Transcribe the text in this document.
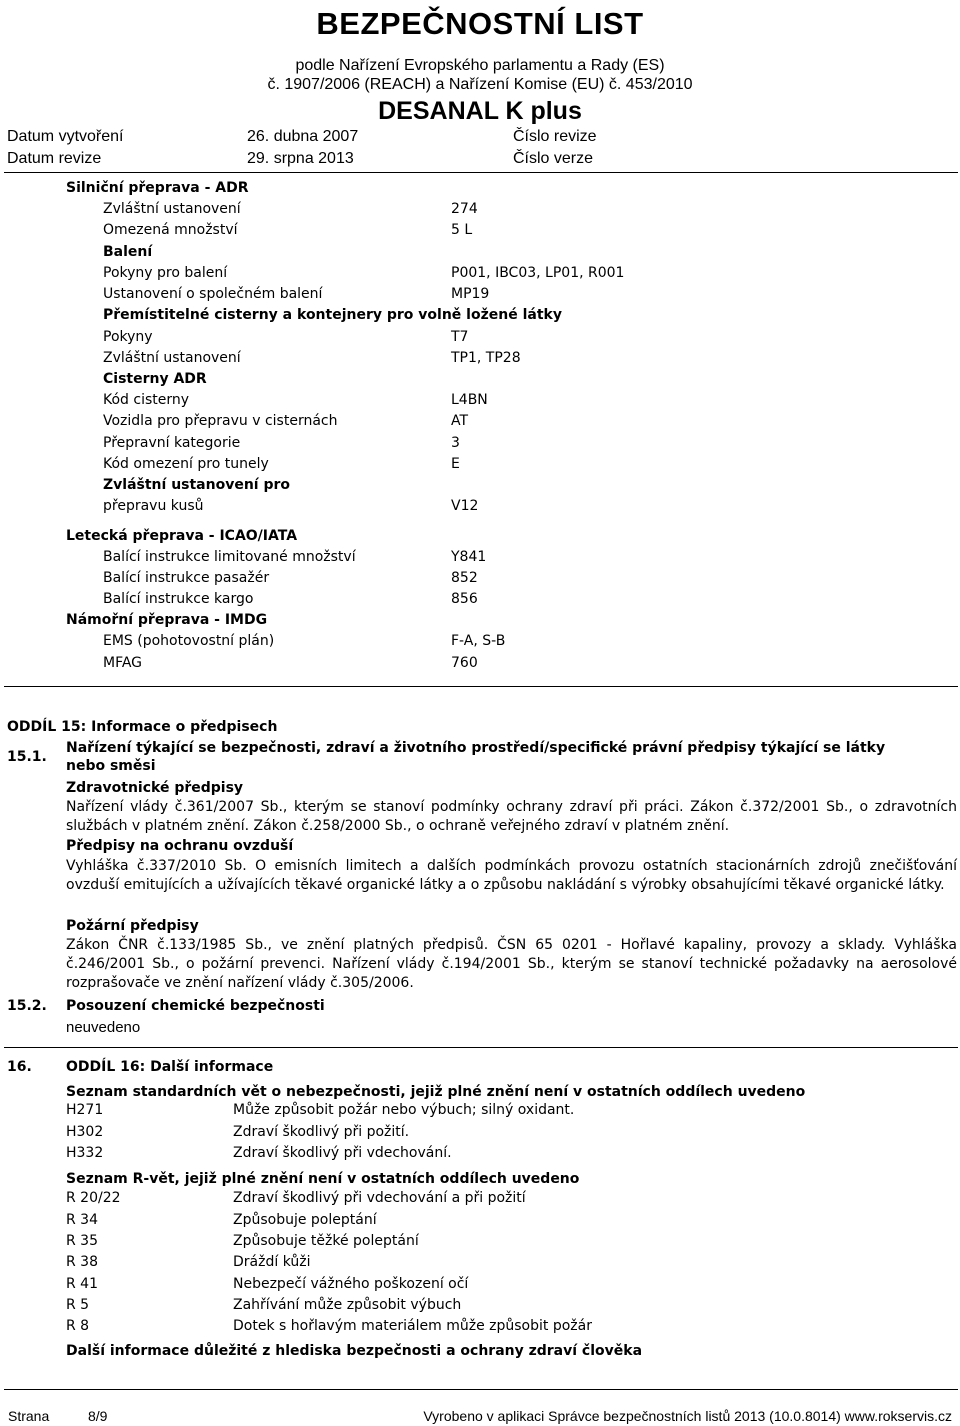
BEZPEČNOSTNÍ LIST
podle Nařízení Evropského parlamentu a Rady (ES)
č. 1907/2006 (REACH) a Nařízení Komise (EU) č. 453/2010
DESANAL K plus
Datum vytvoření	26. dubna 2007	Číslo revize
Datum revize	29. srpna 2013	Číslo verze
Silniční přeprava - ADR
Zvláštní ustanovení	274
Omezená množství	5 L
Balení
Pokyny pro balení	P001, IBC03, LP01, R001
Ustanovení o společném balení	MP19
Přemístitelné cisterny a kontejnery pro volně ložené látky
Pokyny	T7
Zvláštní ustanovení	TP1, TP28
Cisterny ADR
Kód cisterny	L4BN
Vozidla pro přepravu v cisternách	AT
Přepravní kategorie	3
Kód omezení pro tunely	E
Zvláštní ustanovení pro
přepravu kusů	V12
Letecká přeprava - ICAO/IATA
Balící instrukce limitované množství	Y841
Balící instrukce pasažér	852
Balící instrukce kargo	856
Námořní přeprava - IMDG
EMS (pohotovostní plán)	F-A, S-B
MFAG	760
ODDÍL 15: Informace o předpisech
15.1.
Nařízení týkající se bezpečnosti, zdraví a životního prostředí/specifické právní předpisy týkající se látky
nebo směsi
Zdravotnické předpisy
Nařízení vlády č.361/2007 Sb., kterým se stanoví podmínky ochrany zdraví při práci. Zákon č.372/2001 Sb., o zdravotních službách v platném znění. Zákon č.258/2000 Sb., o ochraně veřejného zdraví v platném znění.
Předpisy na ochranu ovzduší
Vyhláška č.337/2010 Sb. O emisních limitech a dalších podmínkách provozu ostatních stacionárních zdrojů znečišťování ovzduší emitujících a užívajících těkavé organické látky a o způsobu nakládání s výrobky obsahujícími těkavé organické látky.
Požární předpisy
Zákon ČNR č.133/1985 Sb., ve znění platných předpisů. ČSN 65 0201 - Hořlavé kapaliny, provozy a sklady. Vyhláška č.246/2001 Sb., o požární prevenci. Nařízení vlády č.194/2001 Sb., kterým se stanoví technické požadavky na aerosolové rozprašovače ve znění nařízení vlády č.305/2006.
15.2. Posouzení chemické bezpečnosti
neuvedeno
16. ODDÍL 16: Další informace
Seznam standardních vět o nebezpečnosti, jejiž plné znění není v ostatních oddílech uvedeno
H271	Může způsobit požár nebo výbuch; silný oxidant.
H302	Zdraví škodlivý při požití.
H332	Zdraví škodlivý při vdechování.
Seznam R-vět, jejiž plné znění není v ostatních oddílech uvedeno
R 20/22	Zdraví škodlivý při vdechování a při požití
R 34	Způsobuje poleptání
R 35	Způsobuje těžké poleptání
R 38	Dráždí kůži
R 41	Nebezpečí vážného poškození očí
R 5	Zahřívání může způsobit výbuch
R 8	Dotek s hořlavým materiálem může způsobit požár
Další informace důležité z hlediska bezpečnosti a ochrany zdraví člověka
Strana	8/9	Vyrobeno v aplikaci Správce bezpečnostních listů 2013 (10.0.8014) www.rokservis.cz
